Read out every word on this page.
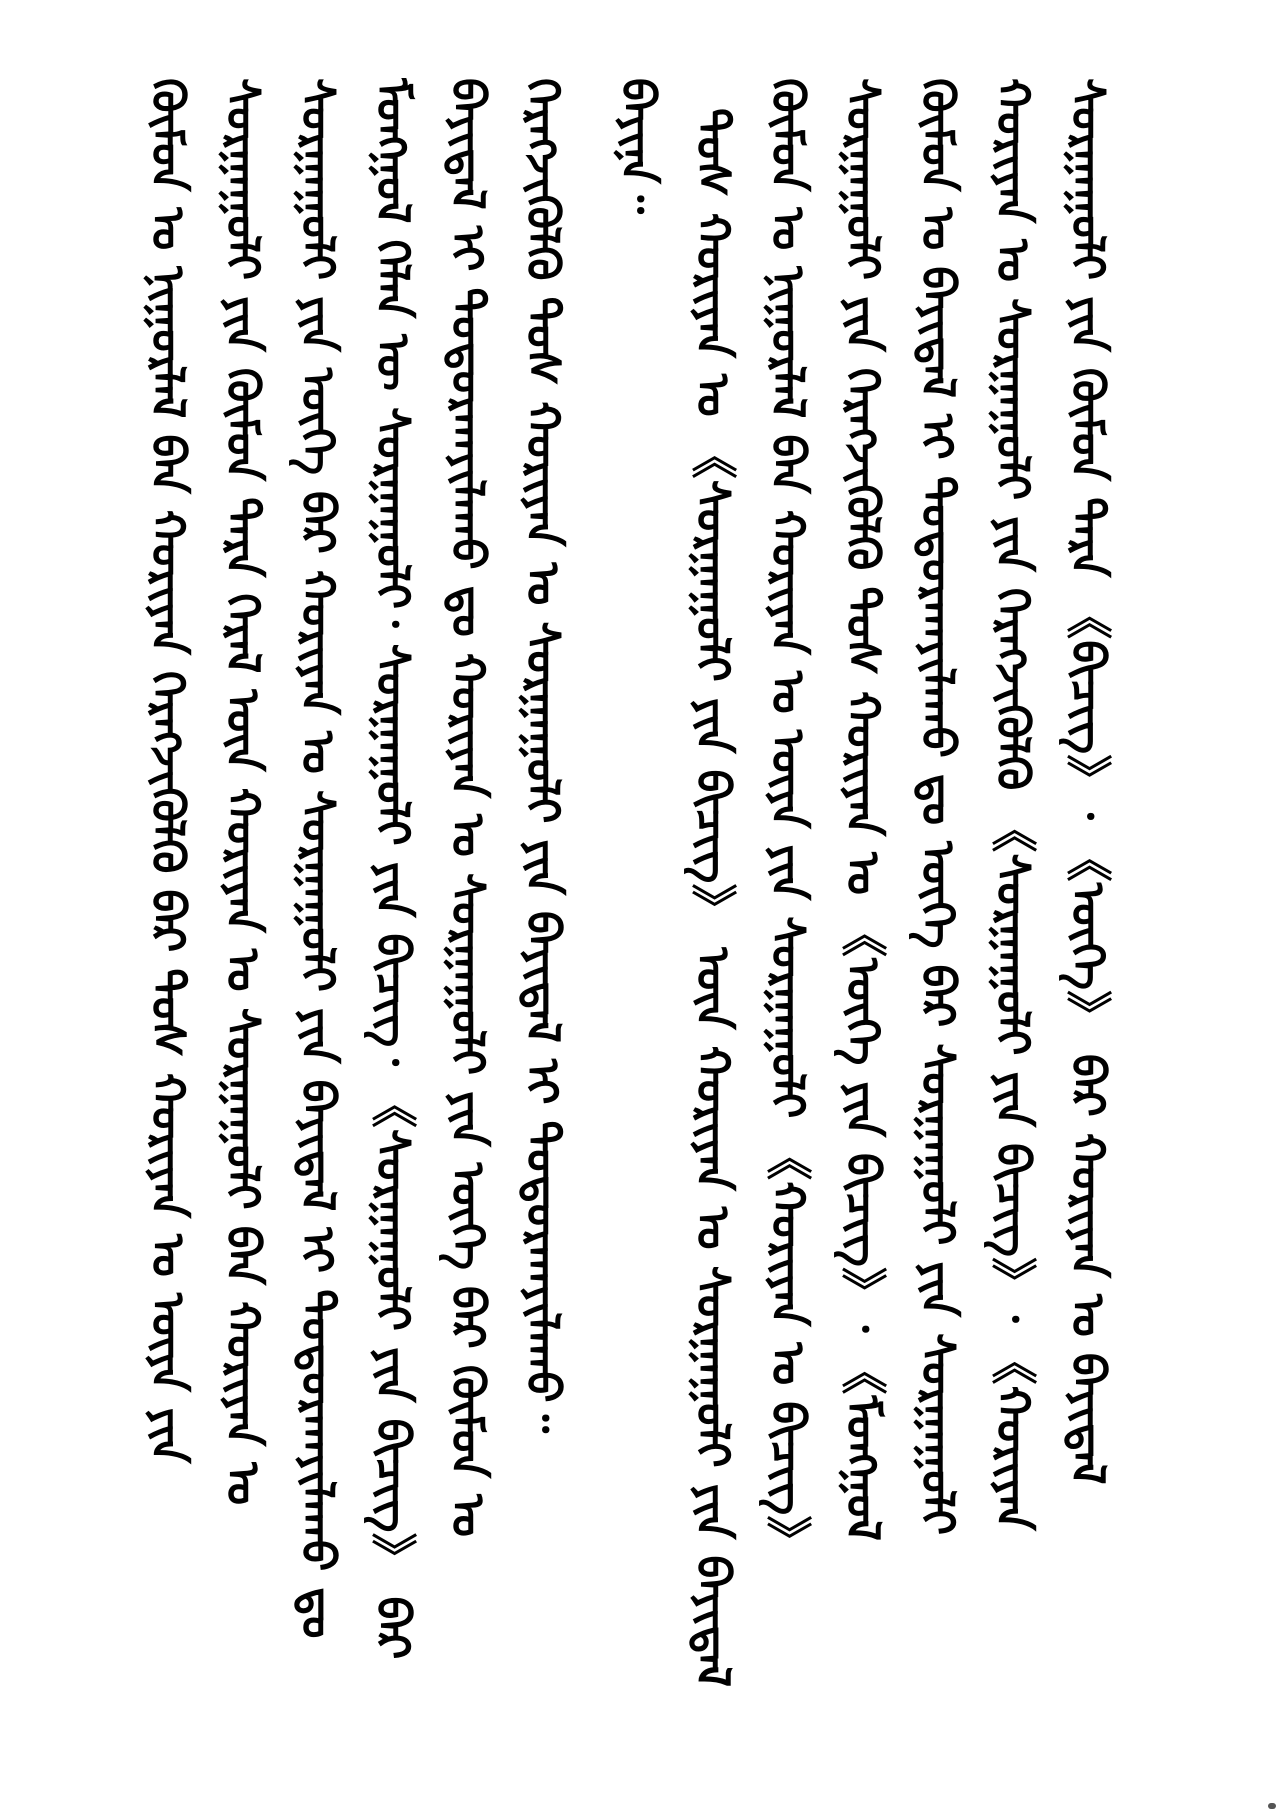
ᠬᠦᠮᠦᠨ ᠤ ᠨᠢᠭᠤᠷᠯᠠᠯ ᠪᠠᠨ ᠬᠤᠷᠢᠶᠠᠨ ᠬᠡᠷᠡᠭᠵᠢᠭᠦᠯᠬᠦ ᠪᠡᠷ ᠲᠤᠰ ᠬᠤᠷᠢᠶᠠᠨ ᠤ ᠦᠶᠡ ᠶᠢᠨ ᠰᠤᠷᠭᠠᠭᠤᠯᠢ ᠶᠢᠨ ᠬᠦᠮᠦᠨ ᠲᠡᠷᠡ ᠭᠡᠷᠡᠯ ᠦᠨ ᠬᠤᠷᠢᠶᠠᠨ ᠤ ᠰᠤᠷᠭᠠᠭᠤᠯᠢ ᠪᠠᠨ ᠬᠤᠷᠢᠶᠠᠨ ᠤ ᠰᠤᠷᠭᠠᠭᠤᠯᠢ ᠶᠢᠨ ᠦᠭᠡ ᠪᠠᠷ ᠬᠤᠷᠢᠶᠠᠨ ᠤ ᠰᠤᠷᠭᠠᠭᠤᠯᠢ ᠶᠢᠨ ᠪᠠᠶᠢᠳᠠᠯ ᠢ ᠲᠣᠳᠤᠷᠬᠠᠶᠢᠯᠠᠬᠤ ᠳᠤ ᠮᠣᠩᠭᠣᠯ ᠬᠡᠯᠡᠨ ᠦ ᠰᠤᠷᠭᠠᠭᠤᠯᠢ᠂ ᠰᠤᠷᠭᠠᠭᠤᠯᠢ ᠶᠢᠨ ᠪᠢᠴᠢᠭ᠂ 《ᠰᠤᠷᠭᠠᠭᠤᠯᠢ ᠶᠢᠨ ᠪᠢᠴᠢᠭ》 ᠪᠠᠷ ᠪᠠᠶᠢᠳᠠᠯ ᠢ ᠲᠣᠳᠤᠷᠬᠠᠶᠢᠯᠠᠬᠤ ᠳᠤ ᠬᠤᠷᠢᠶᠠᠨ ᠤ ᠰᠤᠷᠭᠠᠭᠤᠯᠢ ᠶᠢᠨ ᠦᠭᠡ ᠪᠠᠷ ᠬᠦᠮᠦᠨ ᠤ ᠬᠡᠷᠡᠭᠵᠢᠭᠦᠯᠬᠦ ᠲᠤᠰ ᠬᠤᠷᠢᠶᠠᠨ ᠤ ᠰᠤᠷᠭᠠᠭᠤᠯᠢ ᠶᠢᠨ ᠪᠠᠶᠢᠳᠠᠯ ᠢ ᠲᠣᠳᠤᠷᠬᠠᠶᠢᠯᠠᠬᠤ᠃ ᠪᠠᠶᠢᠨᠠ᠃ ᠲᠤᠰ ᠬᠤᠷᠢᠶᠠᠨ ᠤ 《ᠰᠤᠷᠭᠠᠭᠤᠯᠢ ᠶᠢᠨ ᠪᠢᠴᠢᠭ》 ᠦᠨ ᠬᠤᠷᠢᠶᠠᠨ ᠤ ᠰᠤᠷᠭᠠᠭᠤᠯᠢ ᠶᠢᠨ ᠪᠠᠶᠢᠳᠠᠯ ᠬᠦᠮᠦᠨ ᠤ ᠨᠢᠭᠤᠷᠯᠠᠯ ᠪᠠᠨ ᠬᠤᠷᠢᠶᠠᠨ ᠤ ᠦᠶᠡ ᠶᠢᠨ ᠰᠤᠷᠭᠠᠭᠤᠯᠢ 《ᠬᠤᠷᠢᠶᠠᠨ ᠤ ᠪᠢᠴᠢᠭ》 ᠰᠤᠷᠭᠠᠭᠤᠯᠢ ᠶᠢᠨ ᠬᠡᠷᠡᠭᠵᠢᠭᠦᠯᠬᠦ ᠲᠤᠰ ᠬᠤᠷᠢᠶᠠᠨ ᠤ 《ᠦᠭᠡ ᠶᠢᠨ ᠪᠢᠴᠢᠭ》᠂ 《ᠮᠣᠩᠭᠣᠯ ᠬᠦᠮᠦᠨ ᠤ ᠪᠠᠶᠢᠳᠠᠯ ᠢ ᠲᠣᠳᠤᠷᠬᠠᠶᠢᠯᠠᠬᠤ ᠳᠤ ᠦᠭᠡ ᠪᠠᠷ ᠰᠤᠷᠭᠠᠭᠤᠯᠢ ᠶᠢᠨ ᠰᠤᠷᠭᠠᠭᠤᠯᠢ ᠬᠤᠷᠢᠶᠠᠨ ᠤ ᠰᠤᠷᠭᠠᠭᠤᠯᠢ ᠶᠢᠨ ᠬᠡᠷᠡᠭᠵᠢᠭᠦᠯᠬᠦ 《ᠰᠤᠷᠭᠠᠭᠤᠯᠢ ᠶᠢᠨ ᠪᠢᠴᠢᠭ》᠂ 《ᠬᠤᠷᠢᠶᠠᠨ ᠰᠤᠷᠭᠠᠭᠤᠯᠢ ᠶᠢᠨ ᠬᠦᠮᠦᠨ ᠲᠡᠷᠡ 《ᠪᠢᠴᠢᠭ》᠂ 《ᠦᠭᠡ》 ᠪᠠᠷ ᠬᠤᠷᠢᠶᠠᠨ ᠤ ᠪᠠᠶᠢᠳᠠᠯ
